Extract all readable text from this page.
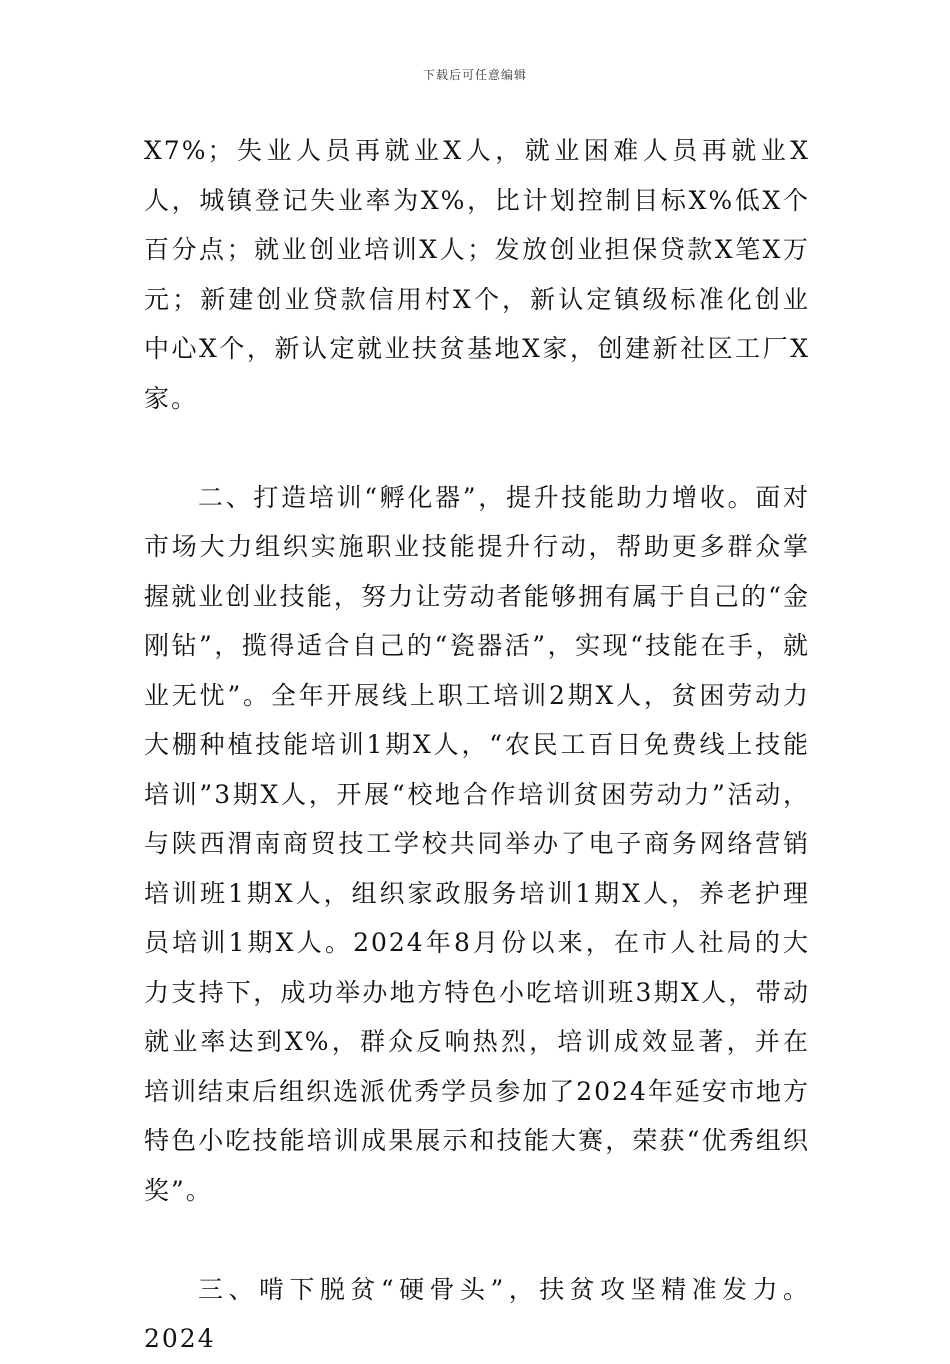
下载后可任意编辑

X7%；失业人员再就业X人，就业困难人员再就业X人，城镇登记失业率为X%，比计划控制目标X%低X个百分点；就业创业培训X人；发放创业担保贷款X笔X万元；新建创业贷款信用村X个，新认定镇级标准化创业中心X个，新认定就业扶贫基地X家，创建新社区工厂X家。

二、打造培训“孵化器”，提升技能助力增收。面对市场大力组织实施职业技能提升行动，帮助更多群众掌握就业创业技能，努力让劳动者能够拥有属于自己的“金刚钻”，揽得适合自己的“瓷器活”，实现“技能在手，就业无忧”。全年开展线上职工培训2期X人，贫困劳动力大棚种植技能培训1期X人，“农民工百日免费线上技能培训”3期X人，开展“校地合作培训贫困劳动力”活动，与陕西渭南商贸技工学校共同举办了电子商务网络营销培训班1期X人，组织家政服务培训1期X人，养老护理员培训1期X人。2024年8月份以来，在市人社局的大力支持下，成功举办地方特色小吃培训班3期X人，带动就业率达到X%，群众反响热烈，培训成效显著，并在培训结束后组织选派优秀学员参加了2024年延安市地方特色小吃技能培训成果展示和技能大赛，荣获“优秀组织奖”。

三、啃下脱贫“硬骨头”，扶贫攻坚精准发力。2024
